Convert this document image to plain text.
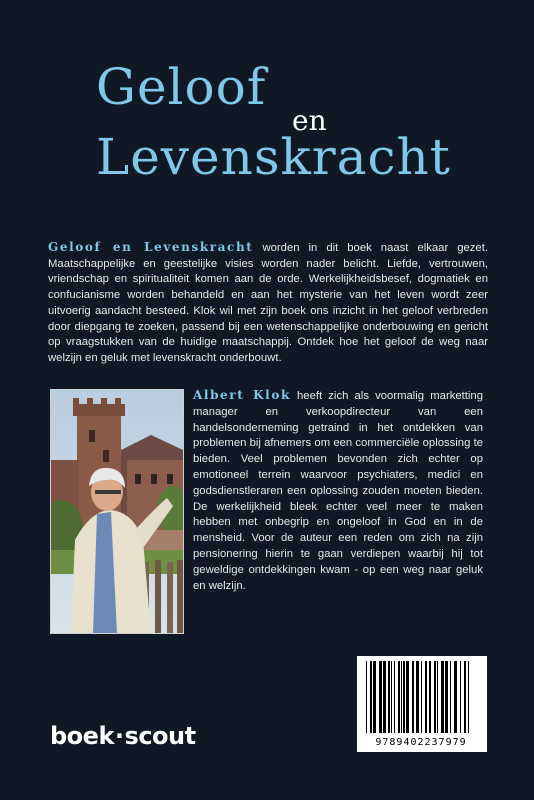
Geloof
en
Levenskracht

Geloof en Levenskracht worden in dit boek naast elkaar gezet. Maatschappelijke en geestelijke visies worden nader belicht. Liefde, vertrouwen, vriendschap en spiritualiteit komen aan de orde. Werkelijkheidsbesef, dogmatiek en confucianisme worden behandeld en aan het mysterie van het leven wordt zeer uitvoerig aandacht besteed. Klok wil met zijn boek ons inzicht in het geloof verbreden door diepgang te zoeken, passend bij een wetenschappelijke onderbouwing en gericht op vraagstukken van de huidige maatschappij. Ontdek hoe het geloof de weg naar welzijn en geluk met levenskracht onderbouwt.

Albert Klok heeft zich als voormalig marketting manager en verkoopdirecteur van een handelsonderneming getraind in het ontdekken van problemen bij afnemers om een commerciële oplossing te bieden. Veel problemen bevonden zich echter op emotioneel terrein waarvoor psychiaters, medici en godsdienstleraren een oplossing zouden moeten bieden. De werkelijkheid bleek echter veel meer te maken hebben met onbegrip en ongeloof in God en in de mensheid. Voor de auteur een reden om zich na zijn pensionering hierin te gaan verdiepen waarbij hij tot geweldige ontdekkingen kwam - op een weg naar geluk en welzijn.

boek·scout	9789402237979
